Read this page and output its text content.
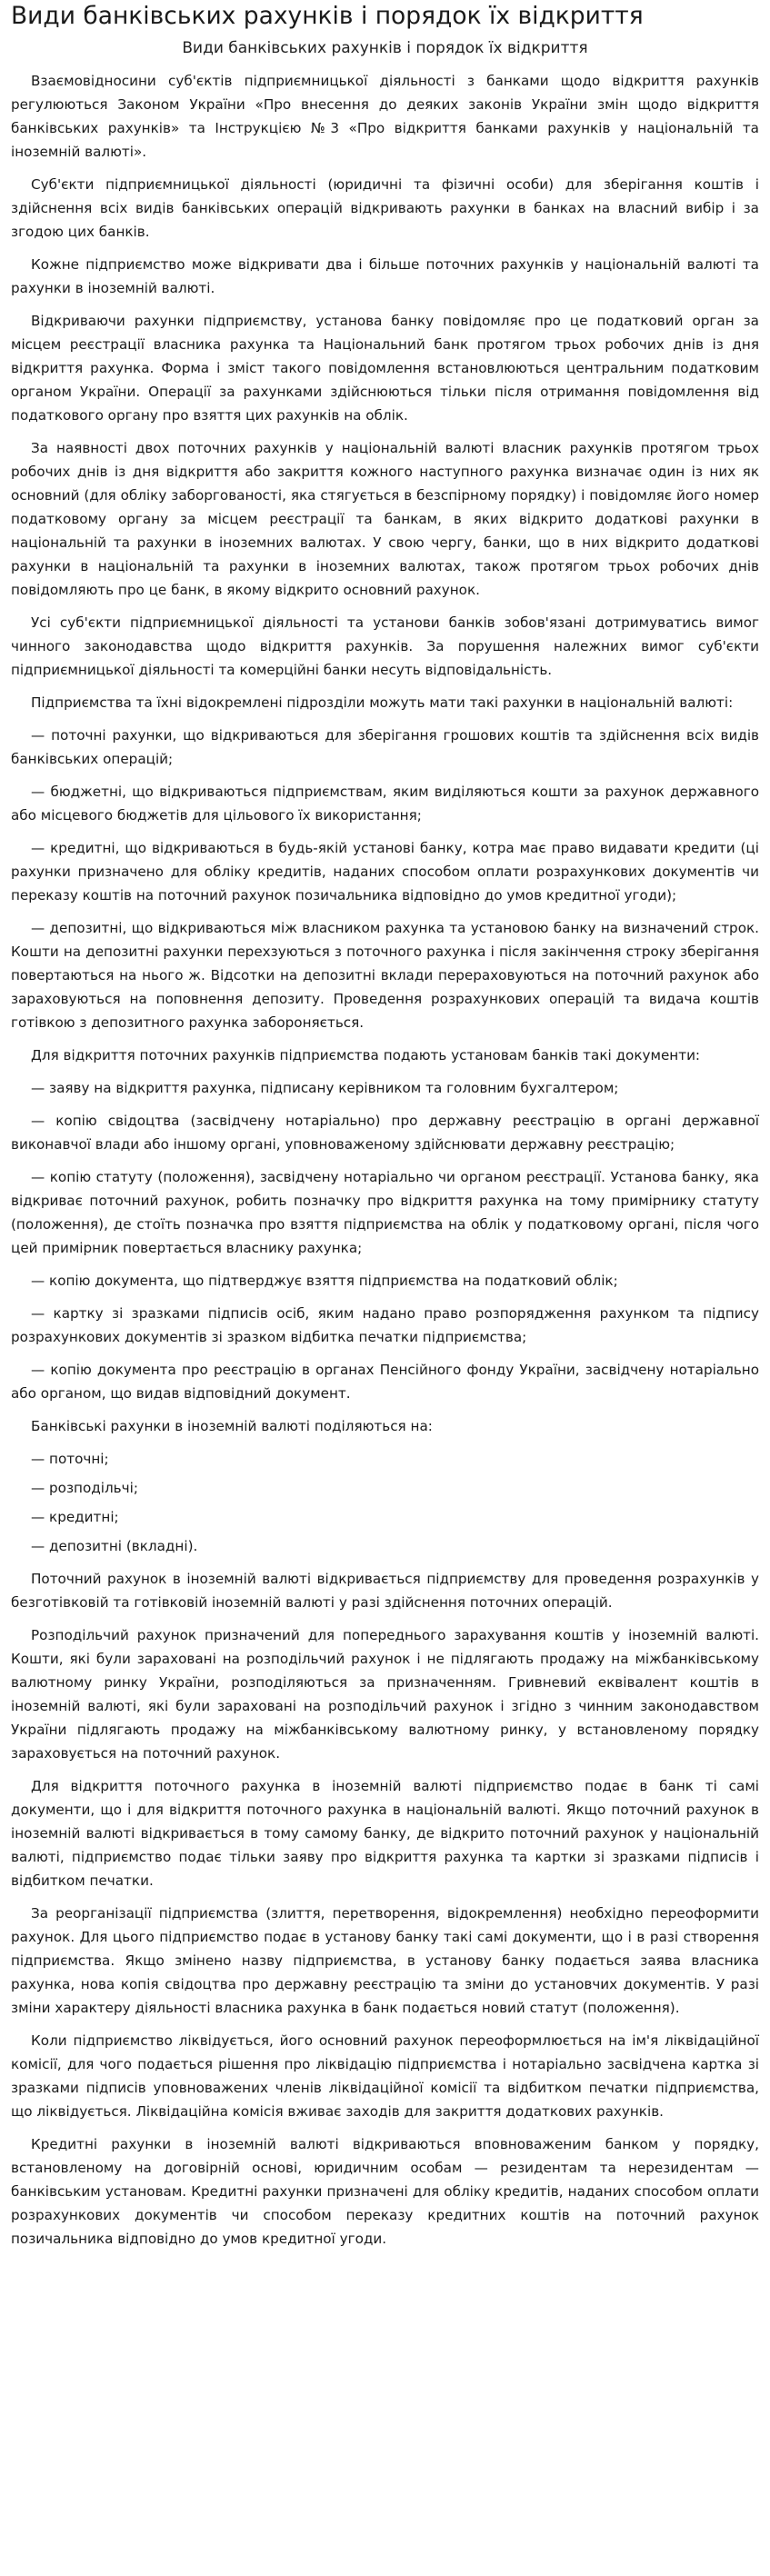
Види банківських рахунків і порядок їх відкриття
Види банківських рахунків і порядок їх відкриття

Взаємовідносини суб'єктів підприємницької діяльності з банками щодо відкриття рахунків регулюються Законом України «Про внесення до деяких законів України змін щодо відкриття банківських рахунків» та Інструкцією №3 «Про відкриття банками рахунків у національній та іноземній валюті».

Суб'єкти підприємницької діяльності (юридичні та фізичні особи) для зберігання коштів і здійснення всіх видів банківських операцій відкривають рахунки в банках на власний вибір і за згодою цих банків.

Кожне підприємство може відкривати два і більше поточних рахунків у національній валюті та рахунки в іноземній валюті.

Відкриваючи рахунки підприємству, установа банку повідомляє про це податковий орган за місцем реєстрації власника рахунка та Національний банк протягом трьох робочих днів із дня відкриття рахунка. Форма і зміст такого повідомлення встановлюються центральним податковим органом України. Операції за рахунками здійснюються тільки після отримання повідомлення від податкового органу про взяття цих рахунків на облік.

За наявності двох поточних рахунків у національній валюті власник рахунків протягом трьох робочих днів із дня відкриття або закриття кожного наступного рахунка визначає один із них як основний (для обліку заборгованості, яка стягується в безспірному порядку) і повідомляє його номер податковому органу за місцем реєстрації та банкам, в яких відкрито додаткові рахунки в національній та рахунки в іноземних валютах. У свою чергу, банки, що в них відкрито додаткові рахунки в національній та рахунки в іноземних валютах, також протягом трьох робочих днів повідомляють про це банк, в якому відкрито основний рахунок.

Усі суб'єкти підприємницької діяльності та установи банків зобов'язані дотримуватись вимог чинного законодавства щодо відкриття рахунків. За порушення належних вимог суб'єкти підприємницької діяльності та комерційні банки несуть відповідальність.

Підприємства та їхні відокремлені підрозділи можуть мати такі рахунки в національній валюті:

— поточні рахунки, що відкриваються для зберігання грошових коштів та здійснення всіх видів банківських операцій;

— бюджетні, що відкриваються підприємствам, яким виділяються кошти за рахунок державного або місцевого бюджетів для цільового їх використання;

— кредитні, що відкриваються в будь-якій установі банку, котра має право видавати кредити (ці рахунки призначено для обліку кредитів, наданих способом оплати розрахункових документів чи переказу коштів на поточний рахунок позичальника відповідно до умов кредитної угоди);

— депозитні, що відкриваються між власником рахунка та установою банку на визначений строк. Кошти на депозитні рахунки перехзуються з поточного рахунка і після закінчення строку зберігання повертаються на нього ж. Відсотки на депозитні вклади перераховуються на поточний рахунок або зараховуються на поповнення депозиту. Проведення розрахункових операцій та видача коштів готівкою з депозитного рахунка забороняється.

Для відкриття поточних рахунків підприємства подають установам банків такі документи:

— заяву на відкриття рахунка, підписану керівником та головним бухгалтером;

— копію свідоцтва (засвідчену нотаріально) про державну реєстрацію в органі державної виконавчої влади або іншому органі, уповноваженому здійснювати державну реєстрацію;

— копію статуту (положення), засвідчену нотаріально чи органом реєстрації. Установа банку, яка відкриває поточний рахунок, робить позначку про відкриття рахунка на тому примірнику статуту (положення), де стоїть позначка про взяття підприємства на облік у податковому органі, після чого цей примірник повертається власнику рахунка;

— копію документа, що підтверджує взяття підприємства на податковий облік;

— картку зі зразками підписів осіб, яким надано право розпорядження рахунком та підпису розрахункових документів зі зразком відбитка печатки підприємства;

— копію документа про реєстрацію в органах Пенсійного фонду України, засвідчену нотаріально або органом, що видав відповідний документ.

Банківські рахунки в іноземній валюті поділяються на:

— поточні;

— розподільчі;

— кредитні;

— депозитні (вкладні).

Поточний рахунок в іноземній валюті відкривається підприємству для проведення розрахунків у безготівковій та готівковій іноземній валюті у разі здійснення поточних операцій.

Розподільчий рахунок призначений для попереднього зарахування коштів у іноземній валюті. Кошти, які були зараховані на розподільчий рахунок і не підлягають продажу на міжбанківському валютному ринку України, розподіляються за призначенням. Гривневий еквівалент коштів в іноземній валюті, які були зараховані на розподільчий рахунок і згідно з чинним законодавством України підлягають продажу на міжбанківському валютному ринку, у встановленому порядку зараховується на поточний рахунок.

Для відкриття поточного рахунка в іноземній валюті підприємство подає в банк ті самі документи, що і для відкриття поточного рахунка в національній валюті. Якщо поточний рахунок в іноземній валюті відкривається в тому самому банку, де відкрито поточний рахунок у національній валюті, підприємство подає тільки заяву про відкриття рахунка та картки зі зразками підписів і відбитком печатки.

За реорганізації підприємства (злиття, перетворення, відокремлення) необхідно переоформити рахунок. Для цього підприємство подає в установу банку такі самі документи, що і в разі створення підприємства. Якщо змінено назву підприємства, в установу банку подається заява власника рахунка, нова копія свідоцтва про державну реєстрацію та зміни до установчих документів. У разі зміни характеру діяльності власника рахунка в банк подається новий статут (положення).

Коли підприємство ліквідується, його основний рахунок переоформлюється на ім'я ліквідаційної комісії, для чого подається рішення про ліквідацію підприємства і нотаріально засвідчена картка зі зразками підписів уповноважених членів ліквідаційної комісії та відбитком печатки підприємства, що ліквідується. Ліквідаційна комісія вживає заходів для закриття додаткових рахунків.

Кредитні рахунки в іноземній валюті відкриваються вповноваженим банком у порядку, встановленому на договірній основі, юридичним особам — резидентам та нерезидентам — банківським установам. Кредитні рахунки призначені для обліку кредитів, наданих способом оплати розрахункових документів чи способом переказу кредитних коштів на поточний рахунок позичальника відповідно до умов кредитної угоди.
